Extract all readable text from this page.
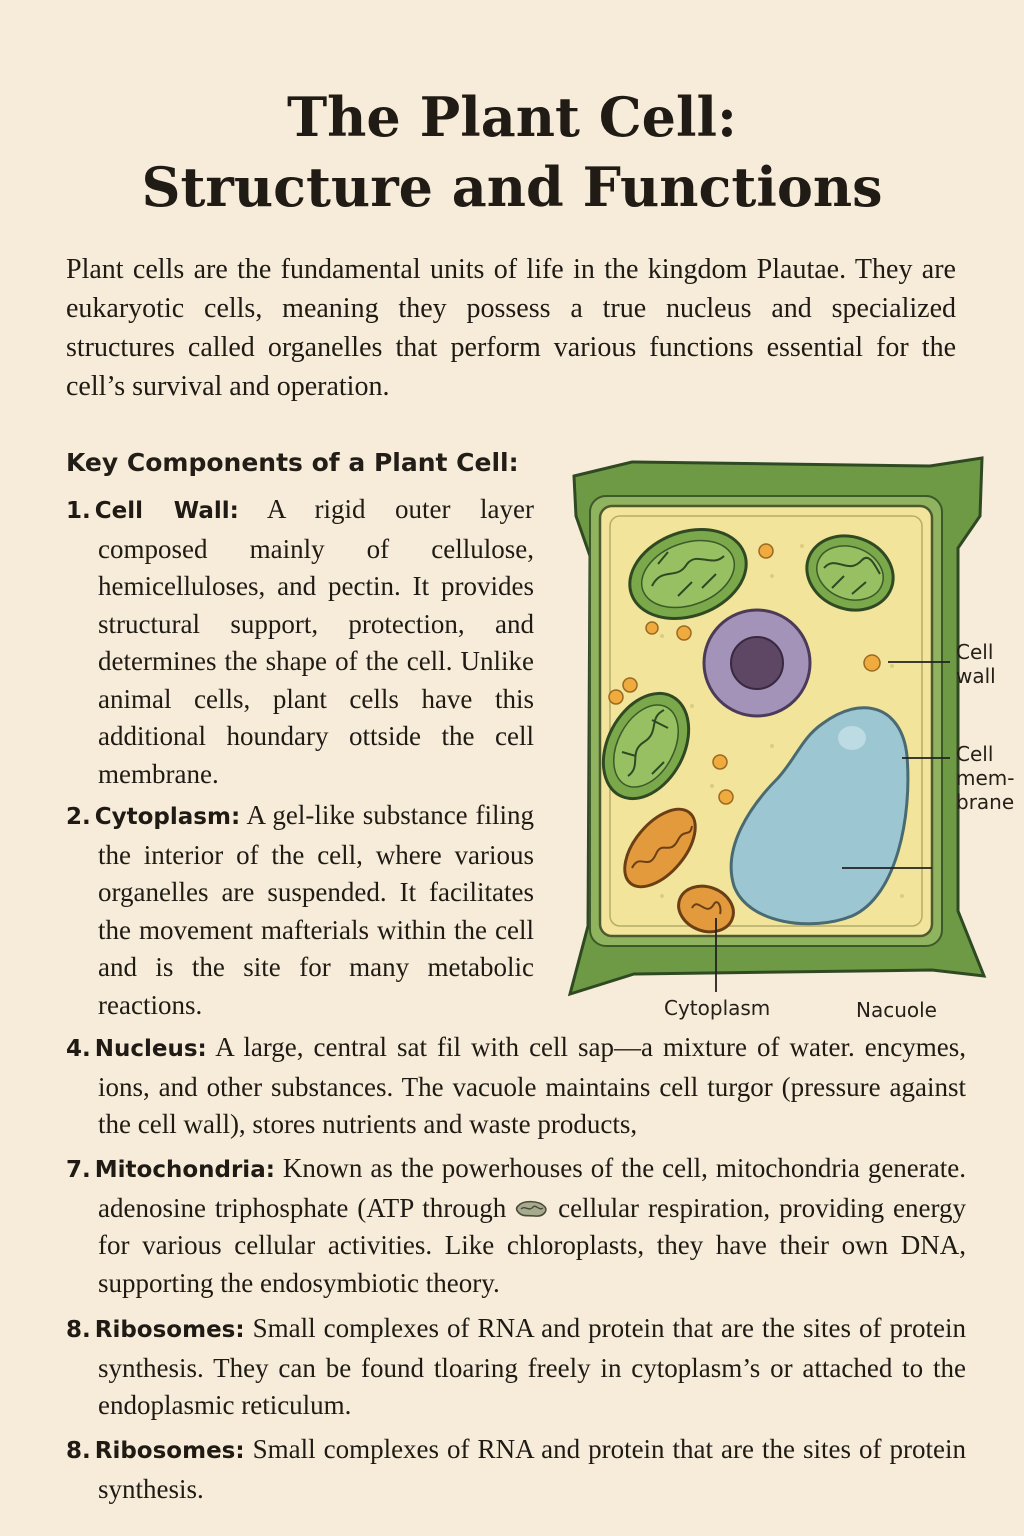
The Plant Cell:
Structure and Functions

Plant cells are the fundamental units of life in the kingdom Plautae. They are eukaryotic cells, meaning they possess a true nucleus and specialized structures called organelles that perform various functions essential for the cell’s survival and operation.

Key Components of a Plant Cell:
1. Cell Wall: A rigid outer layer composed mainly of cellulose, hemicelluloses, and pectin. It provides structural support, protection, and determines the shape of the cell. Unlike animal cells, plant cells have this additional houndary ottside the cell membrane.
2. Cytoplasm: A gel-like substance filing the interior of the cell, where various organelles are suspended. It facilitates the movement mafterials within the cell and is the site for many metabolic reactions.
4. Nucleus: A large, central sat fil with cell sap—a mixture of water. encymes, ions, and other substances. The vacuole maintains cell turgor (pressure against the cell wall), stores nutrients and waste products,
7. Mitochondria: Known as the powerhouses of the cell, mitochondria generate. adenosine triphosphate (ATP through cellular respiration, providing energy for various cellular activities. Like chloroplasts, they have their own DNA, supporting the endosymbiotic theory.
8. Ribosomes: Small complexes of RNA and protein that are the sites of protein synthesis. They can be found tloaring freely in cytoplasm’s or attached to the endoplasmic reticulum.
8. Ribosomes: Small complexes of RNA and protein that are the sites of protein synthesis.
Cell
wall
Cell
mem-
brane
Cytoplasm	Nacuole
